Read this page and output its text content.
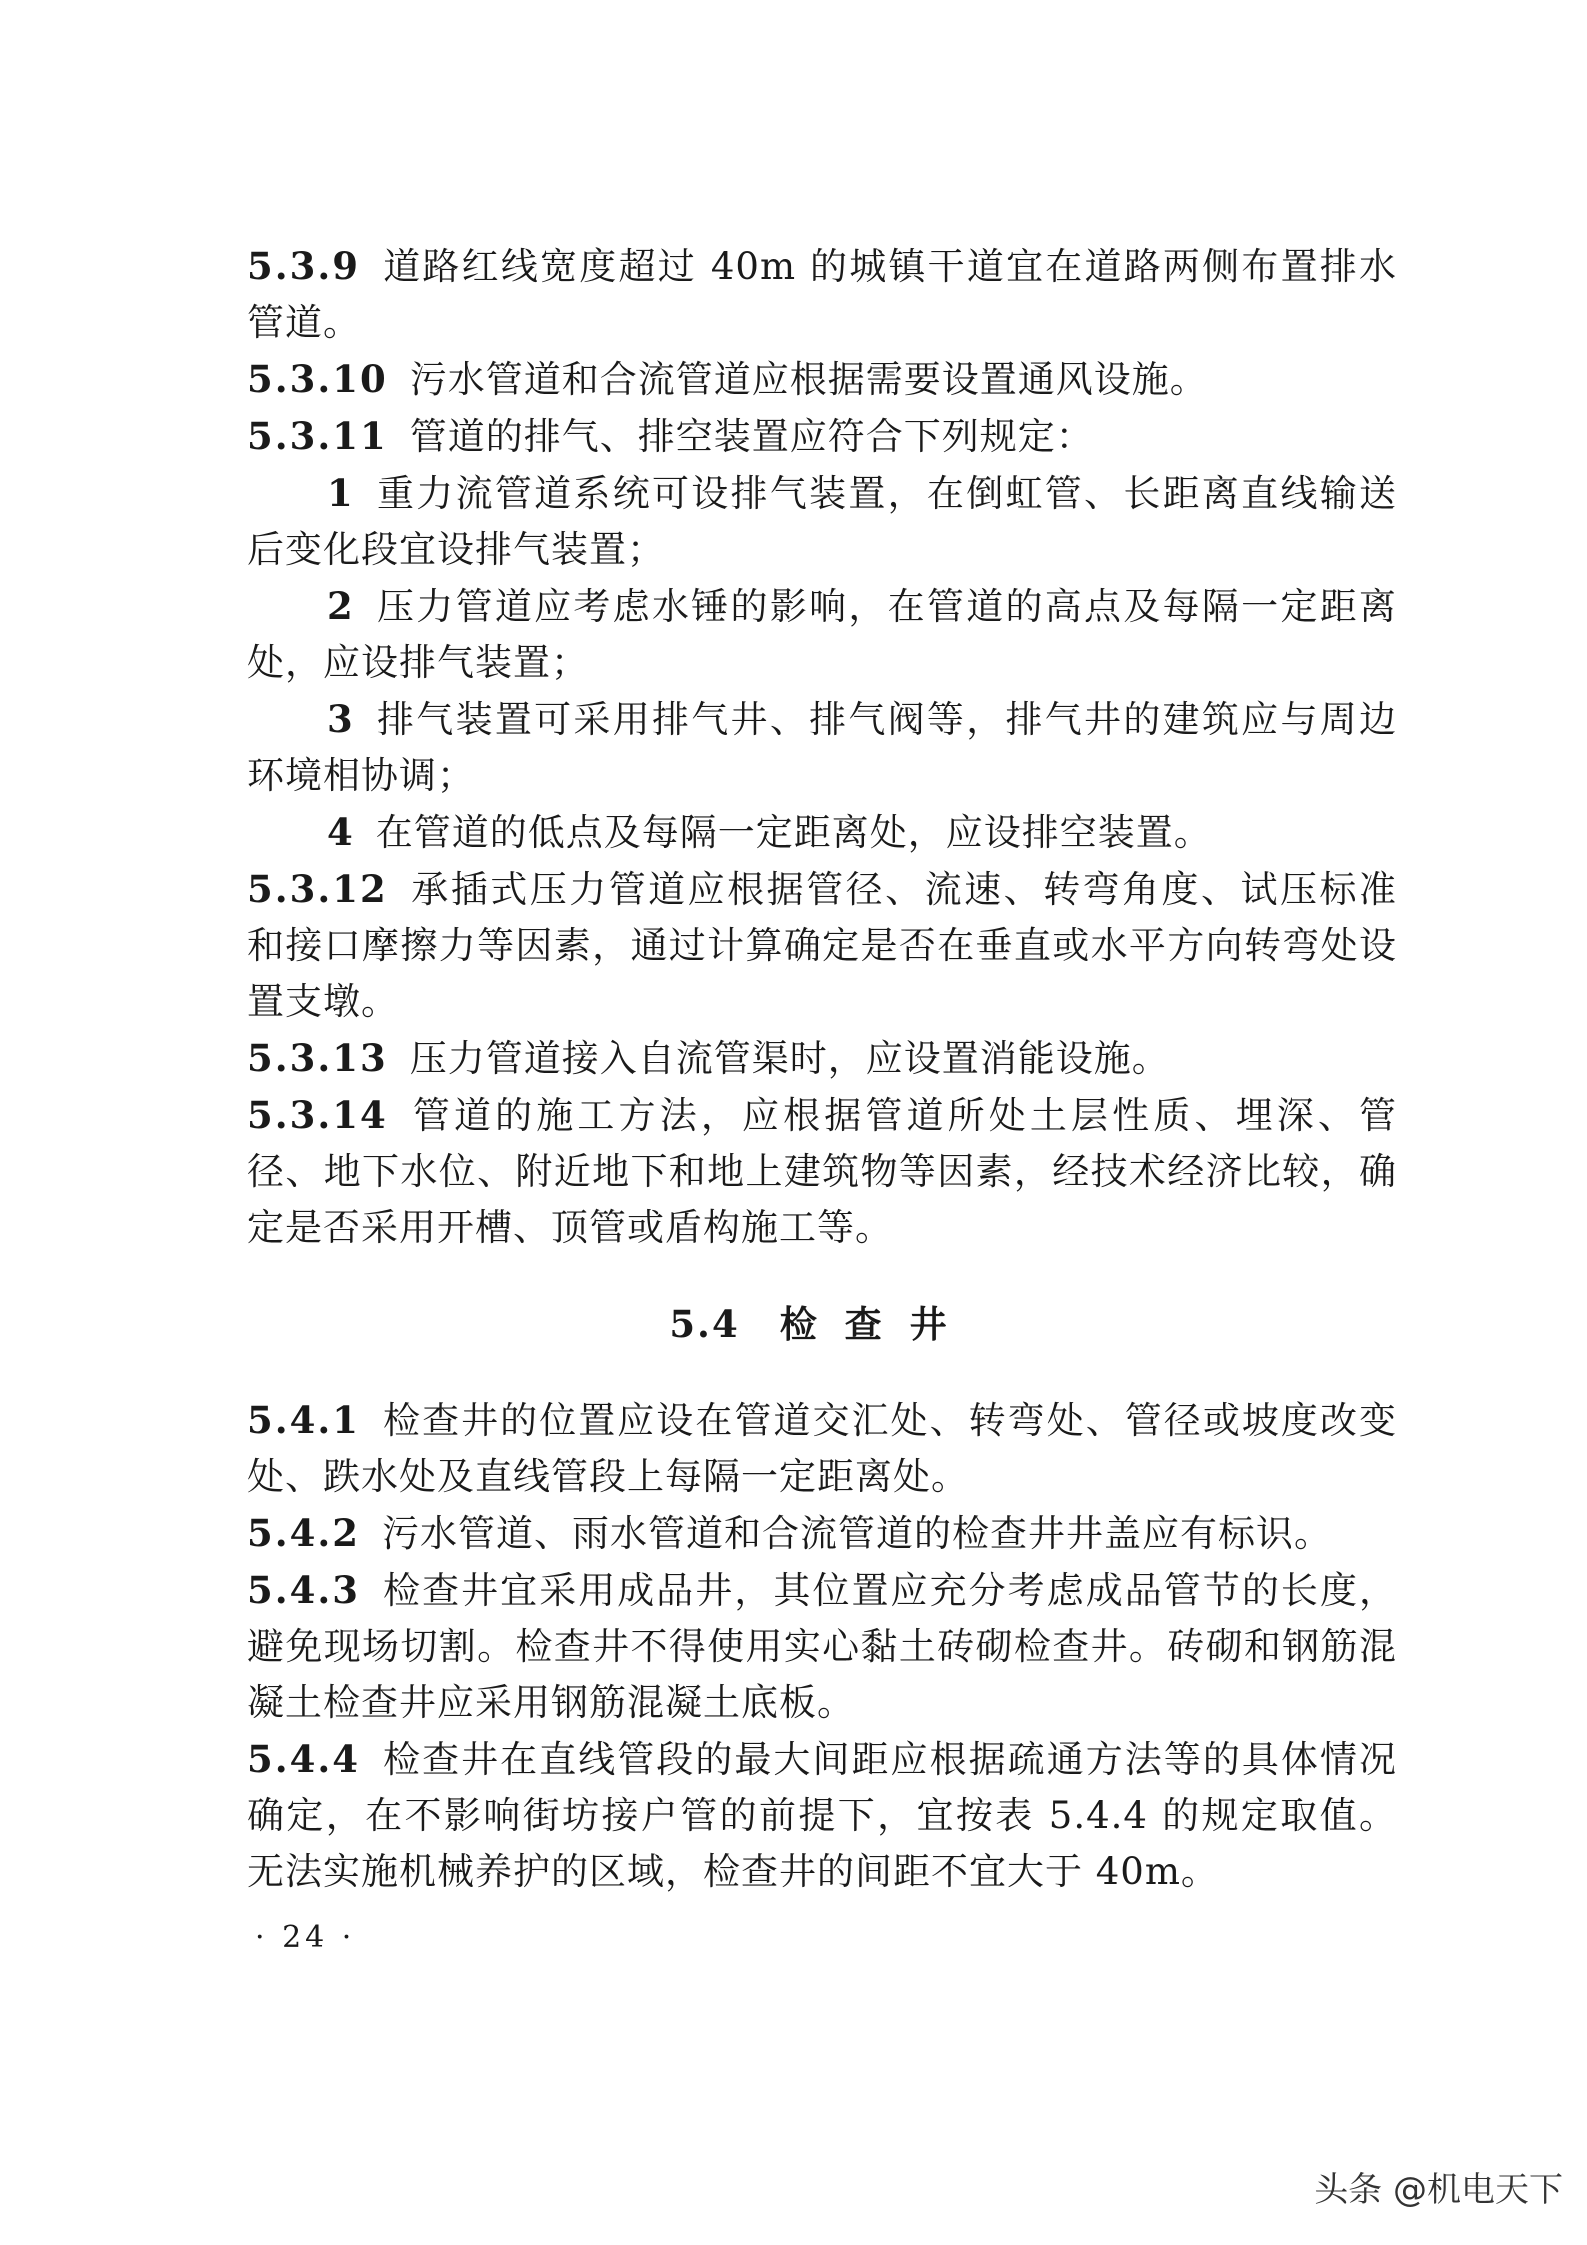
5.3.9 道路红线宽度超过 40m 的城镇干道宜在道路两侧布置排水管道。

5.3.10 污水管道和合流管道应根据需要设置通风设施。

5.3.11 管道的排气、排空装置应符合下列规定：

1 重力流管道系统可设排气装置，在倒虹管、长距离直线输送后变化段宜设排气装置；

2 压力管道应考虑水锤的影响，在管道的高点及每隔一定距离处，应设排气装置；

3 排气装置可采用排气井、排气阀等，排气井的建筑应与周边环境相协调；

4 在管道的低点及每隔一定距离处，应设排空装置。

5.3.12 承插式压力管道应根据管径、流速、转弯角度、试压标准和接口摩擦力等因素，通过计算确定是否在垂直或水平方向转弯处设置支墩。

5.3.13 压力管道接入自流管渠时，应设置消能设施。

5.3.14 管道的施工方法，应根据管道所处土层性质、埋深、管径、地下水位、附近地下和地上建筑物等因素，经技术经济比较，确定是否采用开槽、顶管或盾构施工等。

5.4 检查井

5.4.1 检查井的位置应设在管道交汇处、转弯处、管径或坡度改变处、跌水处及直线管段上每隔一定距离处。

5.4.2 污水管道、雨水管道和合流管道的检查井井盖应有标识。

5.4.3 检查井宜采用成品井，其位置应充分考虑成品管节的长度，避免现场切割。检查井不得使用实心黏土砖砌检查井。砖砌和钢筋混凝土检查井应采用钢筋混凝土底板。

5.4.4 检查井在直线管段的最大间距应根据疏通方法等的具体情况确定，在不影响街坊接户管的前提下，宜按表 5.4.4 的规定取值。无法实施机械养护的区域，检查井的间距不宜大于 40m。

· 24 ·
头条 @机电天下
